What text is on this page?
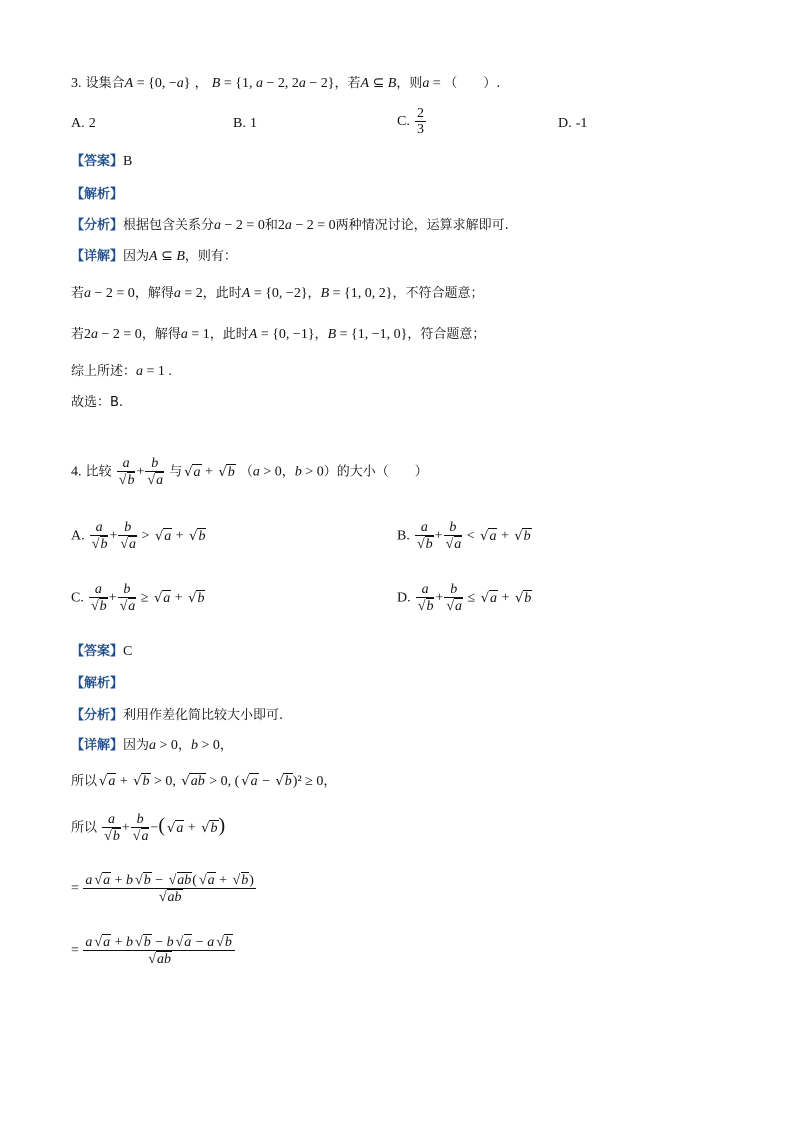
3. 设集合A = {0, −a} ， B = {1, a − 2, 2a − 2}，若A ⊆ B，则a = （　　）.
A. 2	B. 1	C. $\frac{2}{3}$	D. -1
【答案】B
【解析】
【分析】根据包含关系分a − 2 = 0和2a − 2 = 0两种情况讨论，运算求解即可.
【详解】因为A ⊆ B，则有：
若a − 2 = 0，解得a = 2，此时A = {0, −2}，B = {1, 0, 2}，不符合题意；
若2a − 2 = 0，解得a = 1，此时A = {0, −1}，B = {1, −1, 0}，符合题意；
综上所述：a = 1 .
故选：B.
4. 比较 a
√ b + b
√ a 与 √ a + √ b （a > 0，b > 0）的大小（　　）
A. a
√ b + b
√ a > √ a + √ b	B. a
√ b + b
√ a < √ a + √ b
C. a
√ b + b
√ a ≥ √ a + √ b	D. a
√ b + b
√ a ≤ √ a + √ b
【答案】C
【解析】
【分析】利用作差化简比较大小即可.
【详解】因为a > 0，b > 0，
所以 √ a + √ b > 0, √ ab > 0, ( √ a − √ b)² ≥ 0，
所以 a
√ b + b
√ a −( √ a + √ b)
= a √ a + b √ b − √ ab( √ a + √ b)
√ ab
= a √ a + b √ b − b √ a − a √ b
√ ab
